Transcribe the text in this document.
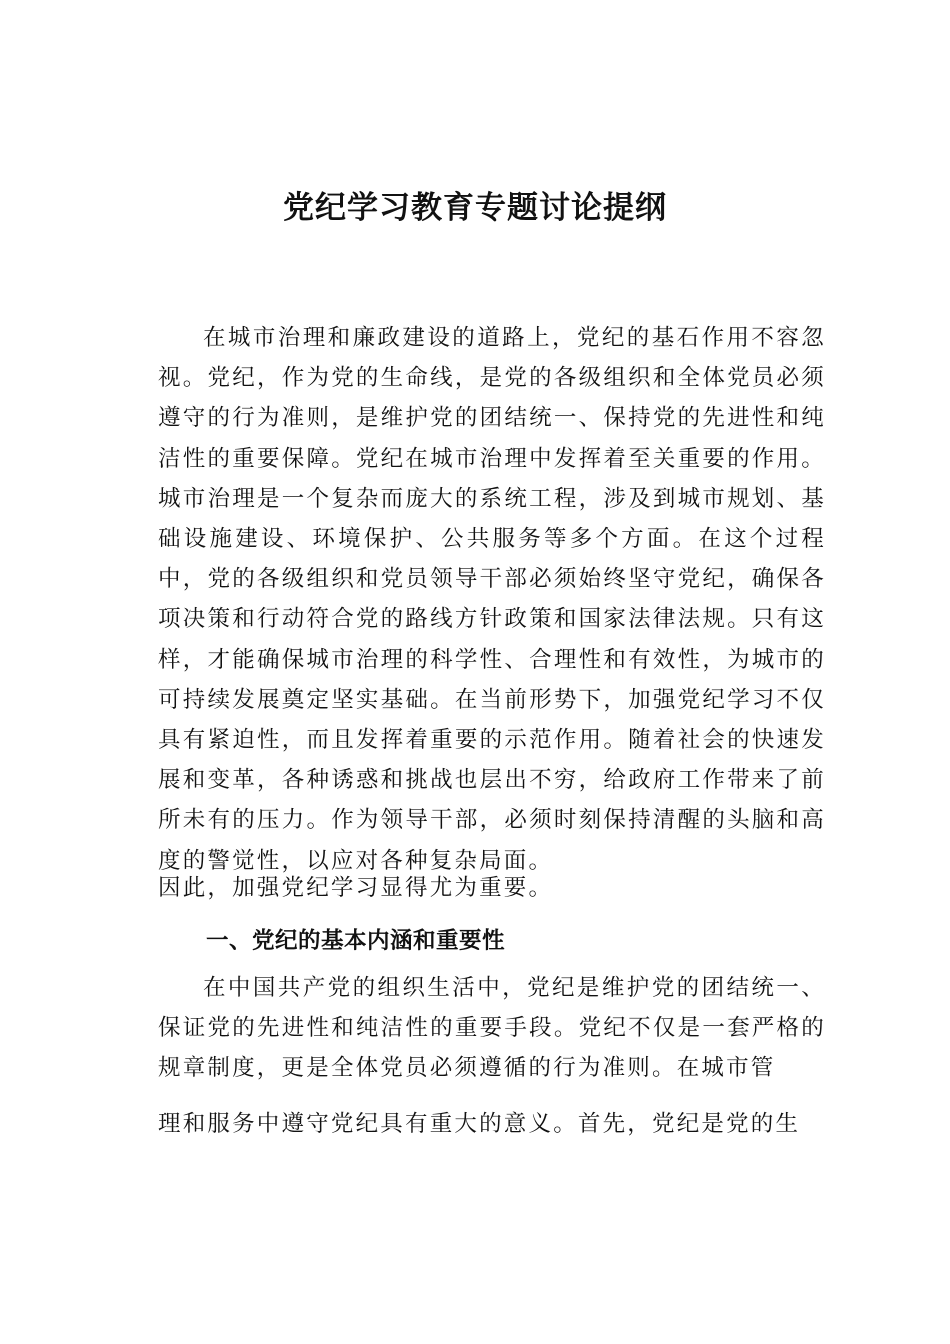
党纪学习教育专题讨论提纲

在城市治理和廉政建设的道路上，党纪的基石作用不容忽视。党纪，作为党的生命线，是党的各级组织和全体党员必须遵守的行为准则，是维护党的团结统一、保持党的先进性和纯洁性的重要保障。党纪在城市治理中发挥着至关重要的作用。城市治理是一个复杂而庞大的系统工程，涉及到城市规划、基础设施建设、环境保护、公共服务等多个方面。在这个过程中，党的各级组织和党员领导干部必须始终坚守党纪，确保各项决策和行动符合党的路线方针政策和国家法律法规。只有这样，才能确保城市治理的科学性、合理性和有效性，为城市的可持续发展奠定坚实基础。在当前形势下，加强党纪学习不仅具有紧迫性，而且发挥着重要的示范作用。随着社会的快速发展和变革，各种诱惑和挑战也层出不穷，给政府工作带来了前所未有的压力。作为领导干部，必须时刻保持清醒的头脑和高度的警觉性，以应对各种复杂局面。

因此，加强党纪学习显得尤为重要。

一、党纪的基本内涵和重要性

在中国共产党的组织生活中，党纪是维护党的团结统一、保证党的先进性和纯洁性的重要手段。党纪不仅是一套严格的规章制度，更是全体党员必须遵循的行为准则。在城市管

理和服务中遵守党纪具有重大的意义。首先，党纪是党的生
